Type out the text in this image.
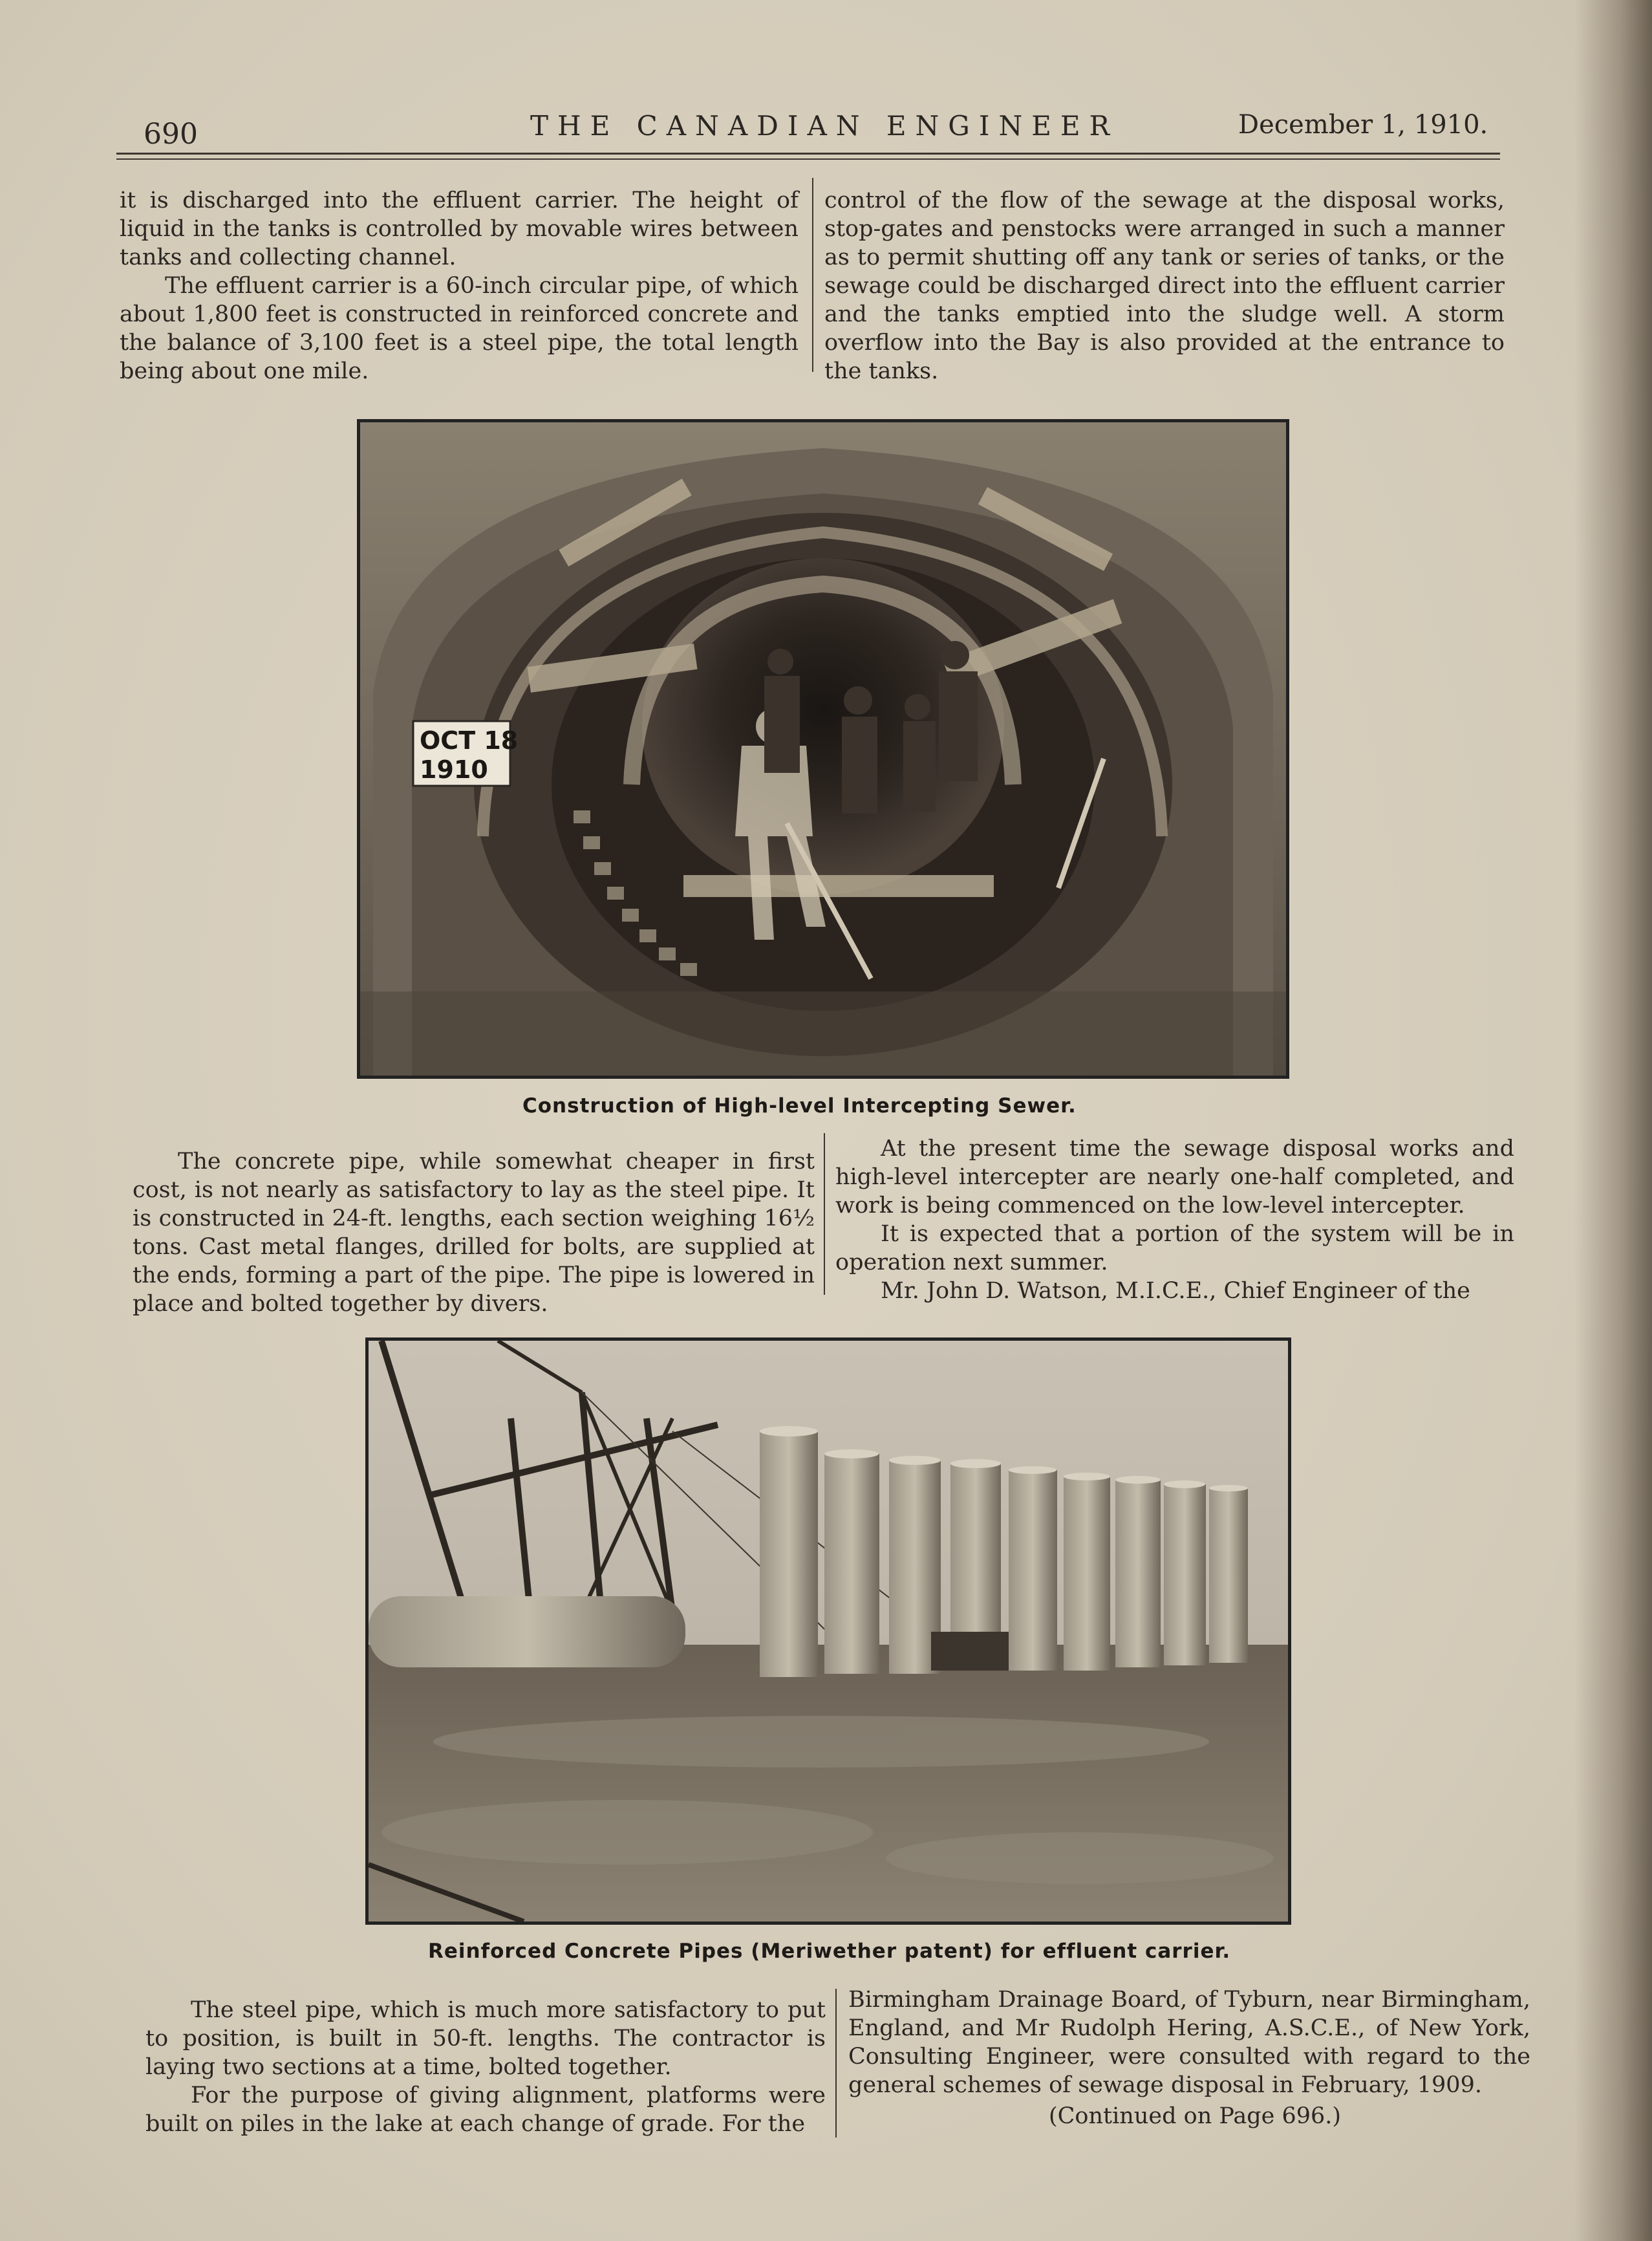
690	THE CANADIAN ENGINEER	December 1, 1910.

it is discharged into the effluent carrier. The height of liquid in the tanks is controlled by movable wires between tanks and collecting channel.

The effluent carrier is a 60-inch circular pipe, of which about 1,800 feet is constructed in reinforced concrete and the balance of 3,100 feet is a steel pipe, the total length being about one mile.

control of the flow of the sewage at the disposal works, stop-gates and penstocks were arranged in such a manner as to permit shutting off any tank or series of tanks, or the sewage could be discharged direct into the effluent carrier and the tanks emptied into the sludge well. A storm overflow into the Bay is also provided at the entrance to the tanks.

OCT 18
1910
Construction of High-level Intercepting Sewer.

The concrete pipe, while somewhat cheaper in first cost, is not nearly as satisfactory to lay as the steel pipe. It is constructed in 24-ft. lengths, each section weighing 16½ tons. Cast metal flanges, drilled for bolts, are supplied at the ends, forming a part of the pipe. The pipe is lowered in place and bolted together by divers.

At the present time the sewage disposal works and high-level intercepter are nearly one-half completed, and work is being commenced on the low-level intercepter.

It is expected that a portion of the system will be in operation next summer.

Mr. John D. Watson, M.I.C.E., Chief Engineer of the

Reinforced Concrete Pipes (Meriwether patent) for effluent carrier.

The steel pipe, which is much more satisfactory to put to position, is built in 50-ft. lengths. The contractor is laying two sections at a time, bolted together.

For the purpose of giving alignment, platforms were built on piles in the lake at each change of grade. For the

Birmingham Drainage Board, of Tyburn, near Birmingham, England, and Mr Rudolph Hering, A.S.C.E., of New York, Consulting Engineer, were consulted with regard to the general schemes of sewage disposal in February, 1909.

(Continued on Page 696.)
